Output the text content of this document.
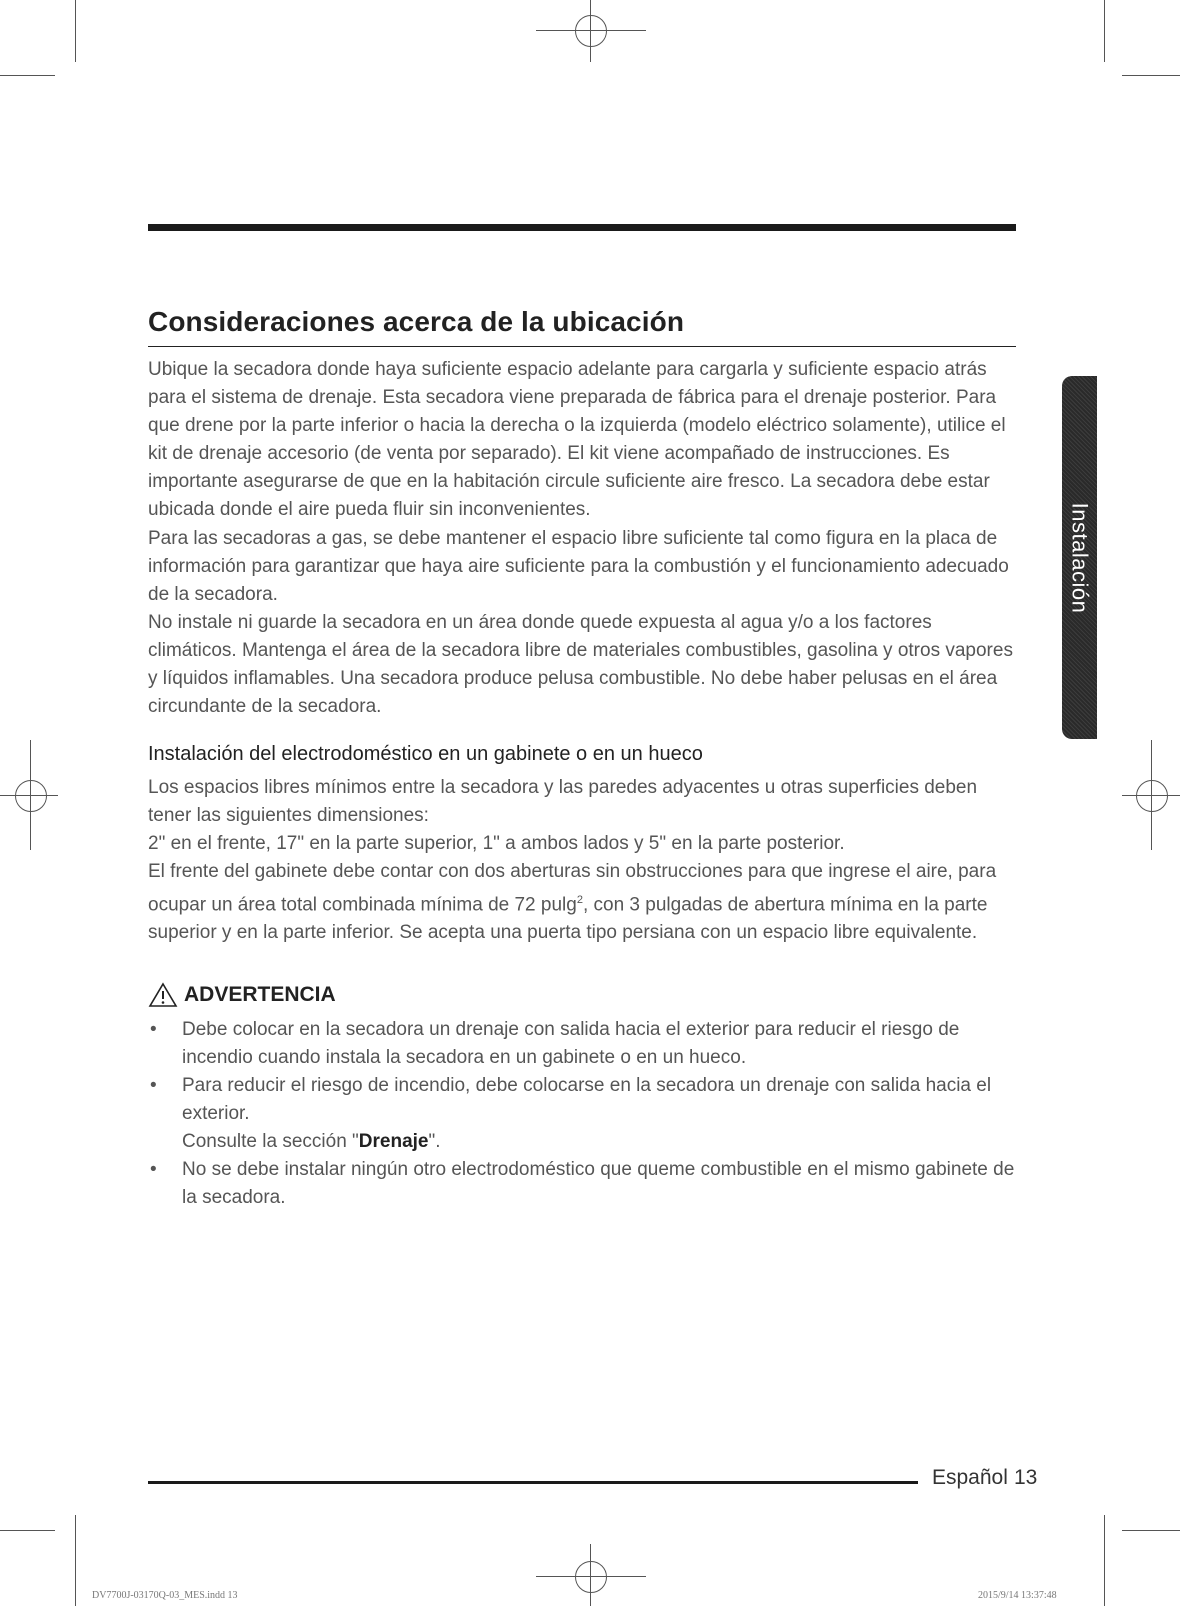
Consideraciones acerca de la ubicación

Ubique la secadora donde haya suficiente espacio adelante para cargarla y suficiente espacio atrás para el sistema de drenaje. Esta secadora viene preparada de fábrica para el drenaje posterior. Para que drene por la parte inferior o hacia la derecha o la izquierda (modelo eléctrico solamente), utilice el kit de drenaje accesorio (de venta por separado). El kit viene acompañado de instrucciones. Es importante asegurarse de que en la habitación circule suficiente aire fresco. La secadora debe estar ubicada donde el aire pueda fluir sin inconvenientes.

Para las secadoras a gas, se debe mantener el espacio libre suficiente tal como figura en la placa de información para garantizar que haya aire suficiente para la combustión y el funcionamiento adecuado de la secadora.

No instale ni guarde la secadora en un área donde quede expuesta al agua y/o a los factores climáticos. Mantenga el área de la secadora libre de materiales combustibles, gasolina y otros vapores y líquidos inflamables. Una secadora produce pelusa combustible. No debe haber pelusas en el área circundante de la secadora.

Instalación del electrodoméstico en un gabinete o en un hueco

Los espacios libres mínimos entre la secadora y las paredes adyacentes u otras superficies deben tener las siguientes dimensiones:

2" en el frente, 17" en la parte superior, 1" a ambos lados y 5" en la parte posterior.

El frente del gabinete debe contar con dos aberturas sin obstrucciones para que ingrese el aire, para ocupar un área total combinada mínima de 72 pulg$^2$, con 3 pulgadas de abertura mínima en la parte superior y en la parte inferior. Se acepta una puerta tipo persiana con un espacio libre equivalente.

ADVERTENCIA
• Debe colocar en la secadora un drenaje con salida hacia el exterior para reducir el riesgo de incendio cuando instala la secadora en un gabinete o en un hueco.
• Para reducir el riesgo de incendio, debe colocarse en la secadora un drenaje con salida hacia el exterior.
Consulte la sección "Drenaje".
• No se debe instalar ningún otro electrodoméstico que queme combustible en el mismo gabinete de la secadora.
Instalación
Español 13
DV7700J-03170Q-03_MES.indd 13	2015/9/14 13:37:48
